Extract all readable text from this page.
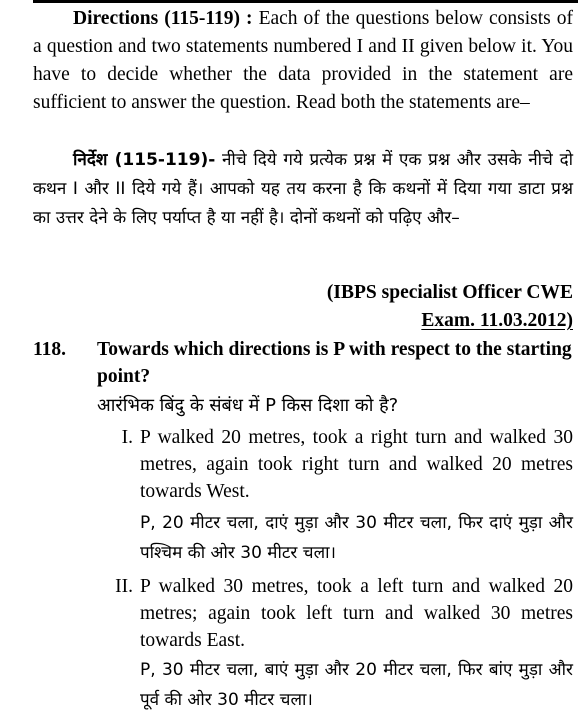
Directions (115-119) : Each of the questions below consists of a question and two statements numbered I and II given below it. You have to decide whether the data provided in the statement are sufficient to answer the question. Read both the statements are–
निर्देश (115-119)- नीचे दिये गये प्रत्येक प्रश्न में एक प्रश्न और उसके नीचे दो कथन I और II दिये गये हैं। आपको यह तय करना है कि कथनों में दिया गया डाटा प्रश्न का उत्तर देने के लिए पर्याप्त है या नहीं है। दोनों कथनों को पढ़िए और–
(IBPS specialist Officer CWE
Exam. 11.03.2012)
118. Towards which directions is P with respect to the starting point?
आरंभिक बिंदु के संबंध में P किस दिशा को है?
I. P walked 20 metres, took a right turn and walked 30 metres, again took right turn and walked 20 metres towards West.
P, 20 मीटर चला, दाएं मुड़ा और 30 मीटर चला, फिर दाएं मुड़ा और पश्चिम की ओर 30 मीटर चला।
II. P walked 30 metres, took a left turn and walked 20 metres; again took left turn and walked 30 metres towards East.
P, 30 मीटर चला, बाएं मुड़ा और 20 मीटर चला, फिर बांए मुड़ा और पूर्व की ओर 30 मीटर चला।
